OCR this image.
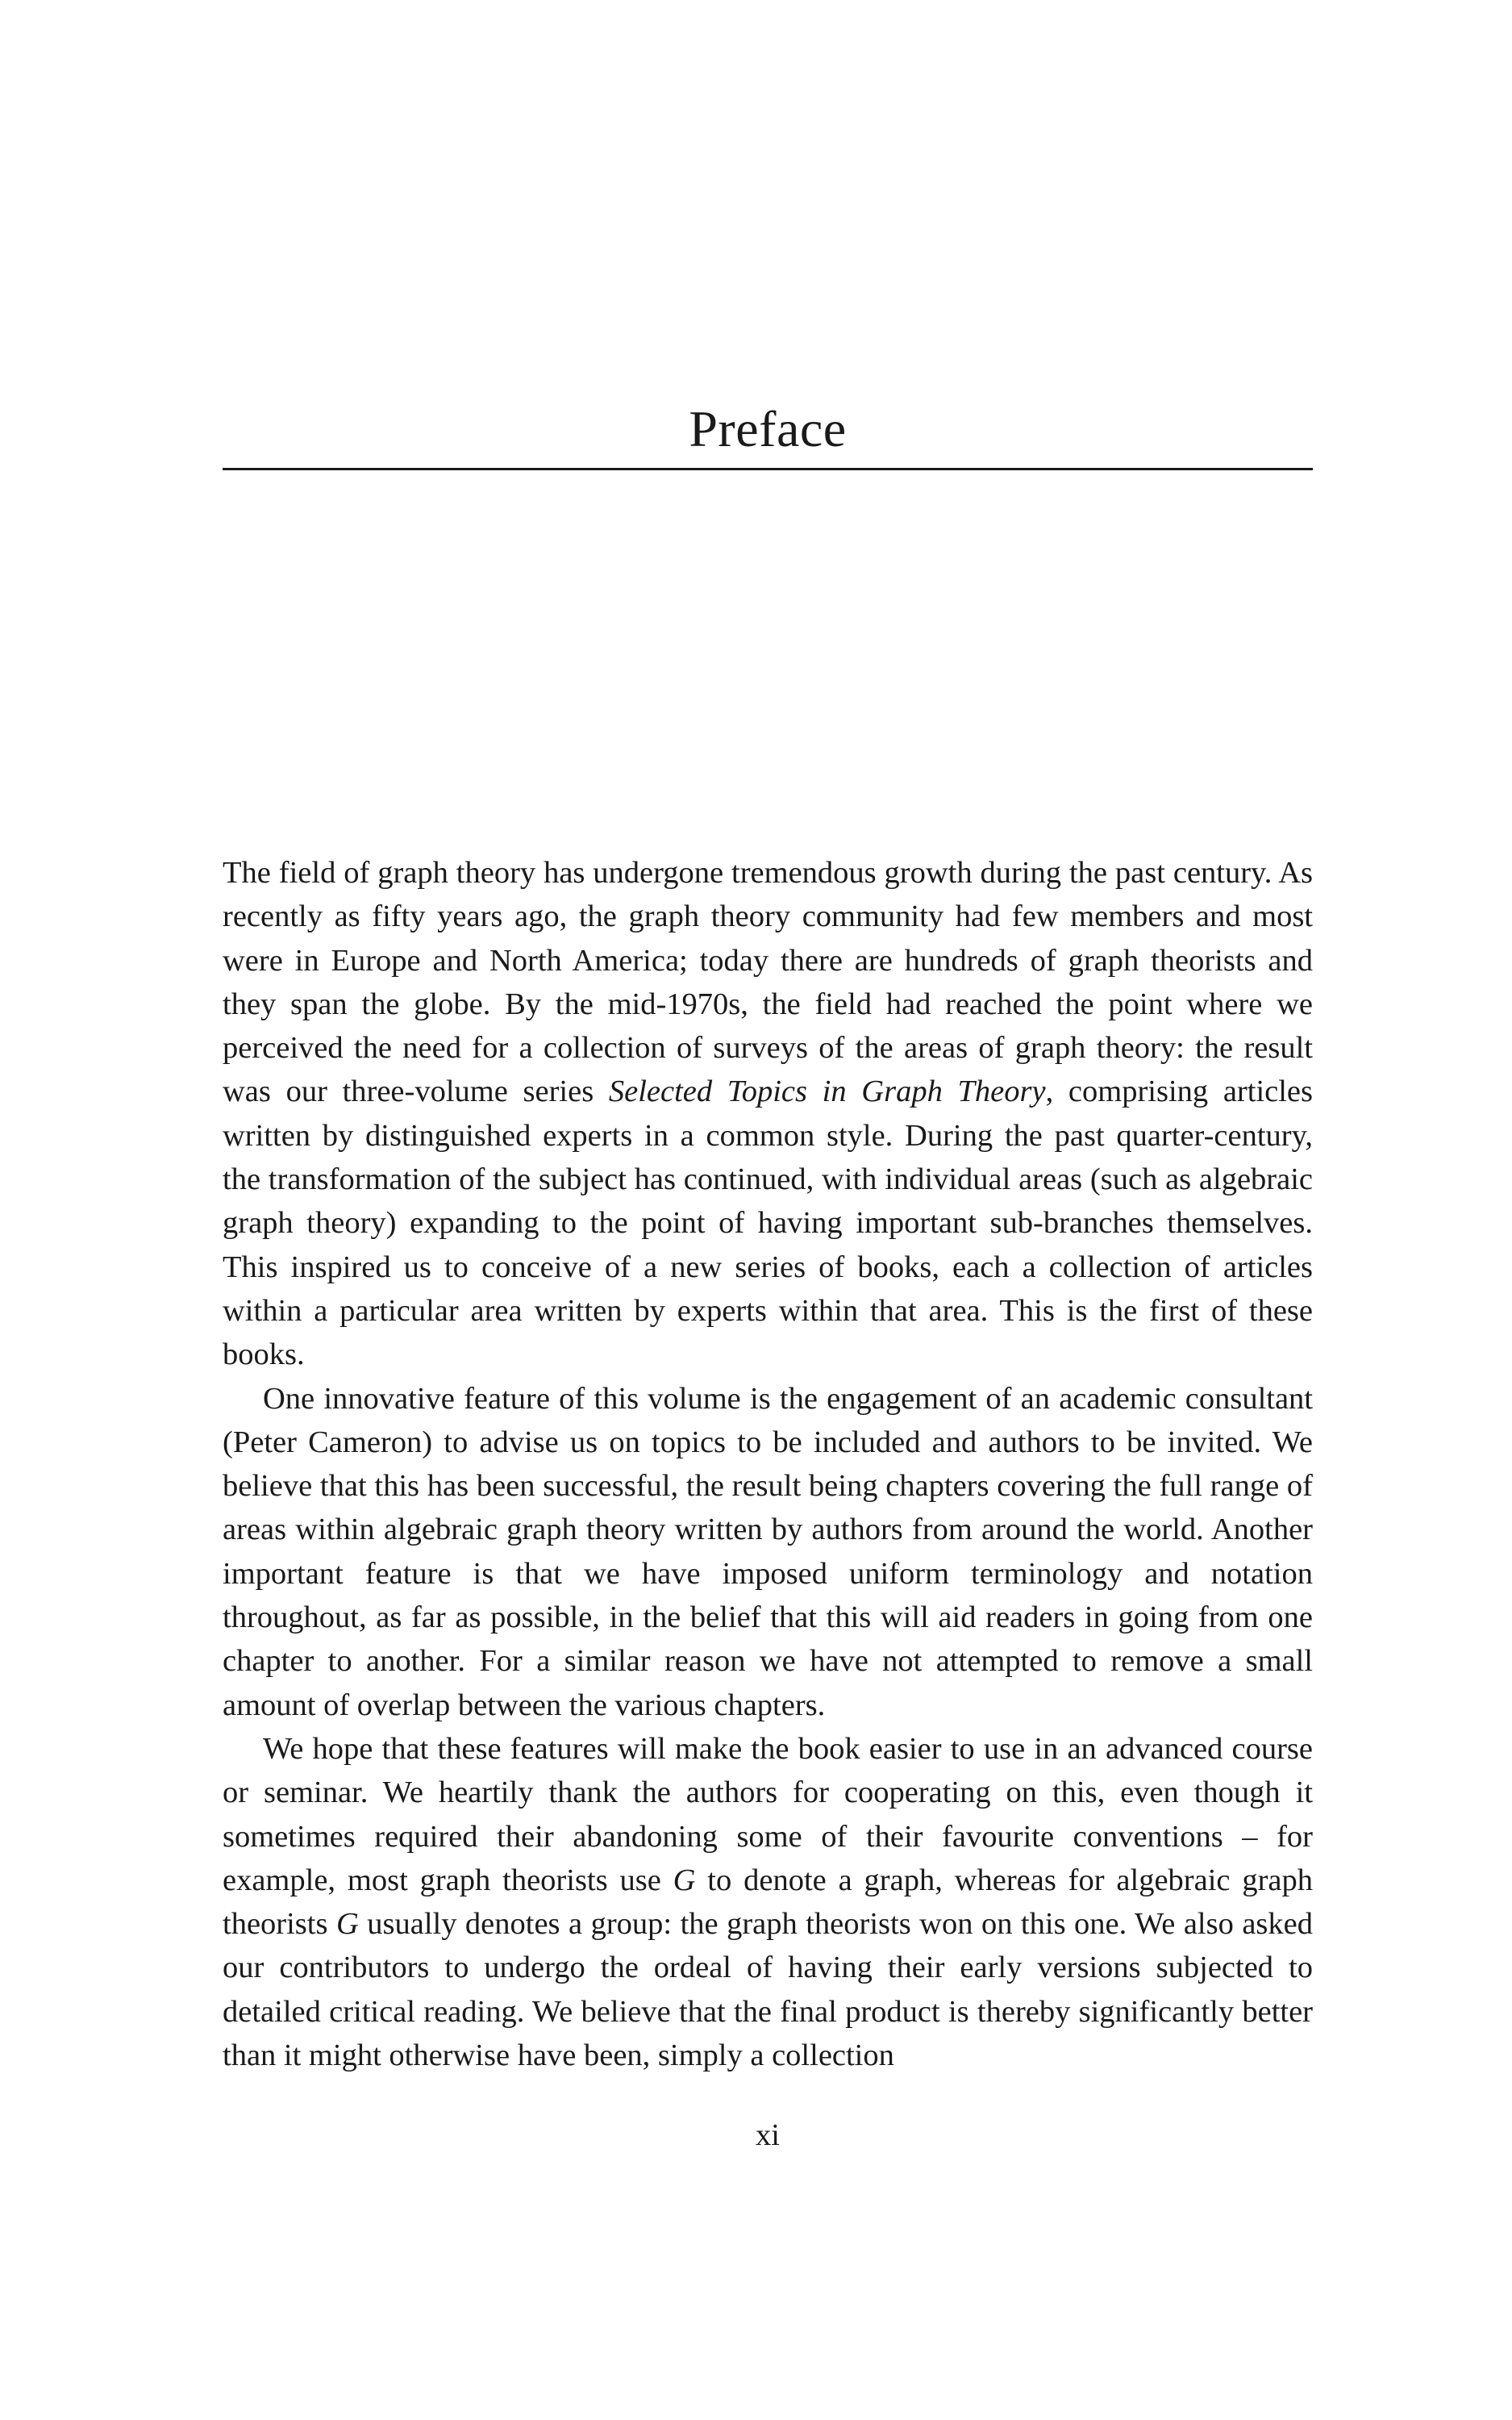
Preface

The field of graph theory has undergone tremendous growth during the past century. As recently as fifty years ago, the graph theory community had few members and most were in Europe and North America; today there are hundreds of graph theorists and they span the globe. By the mid-1970s, the field had reached the point where we perceived the need for a collection of surveys of the areas of graph theory: the result was our three-volume series Selected Topics in Graph Theory, comprising articles written by distinguished experts in a common style. During the past quarter-century, the transformation of the subject has continued, with individual areas (such as algebraic graph theory) expanding to the point of having important sub-branches themselves. This inspired us to conceive of a new series of books, each a collection of articles within a particular area written by experts within that area. This is the first of these books.

One innovative feature of this volume is the engagement of an academic consultant (Peter Cameron) to advise us on topics to be included and authors to be invited. We believe that this has been successful, the result being chapters covering the full range of areas within algebraic graph theory written by authors from around the world. Another important feature is that we have imposed uniform terminology and notation throughout, as far as possible, in the belief that this will aid readers in going from one chapter to another. For a similar reason we have not attempted to remove a small amount of overlap between the various chapters.

We hope that these features will make the book easier to use in an advanced course or seminar. We heartily thank the authors for cooperating on this, even though it sometimes required their abandoning some of their favourite conventions – for example, most graph theorists use G to denote a graph, whereas for algebraic graph theorists G usually denotes a group: the graph theorists won on this one. We also asked our contributors to undergo the ordeal of having their early versions subjected to detailed critical reading. We believe that the final product is thereby significantly better than it might otherwise have been, simply a collection

xi
